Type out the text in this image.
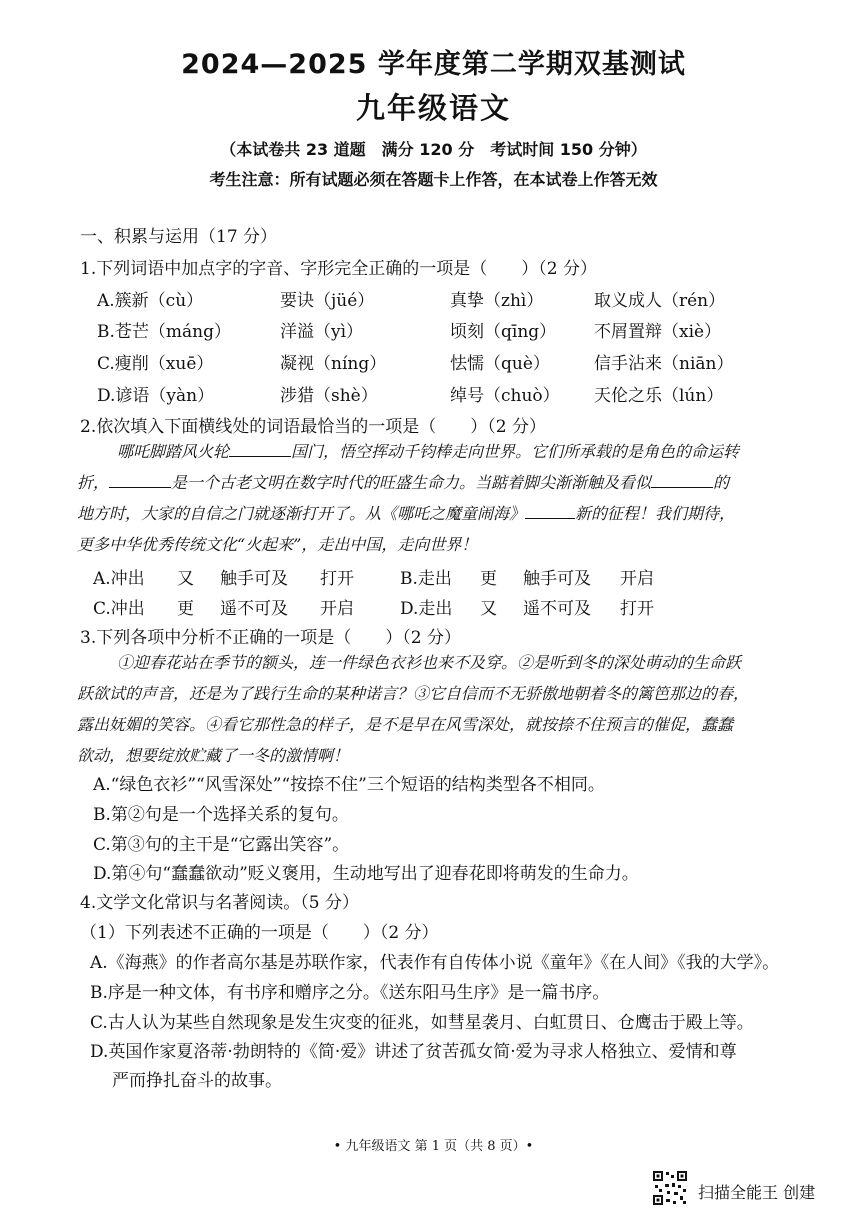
2024—2025 学年度第二学期双基测试
九年级语文
（本试卷共 23 道题　满分 120 分　考试时间 150 分钟）
考生注意：所有试题必须在答题卡上作答，在本试卷上作答无效
一、积累与运用（17 分）
1.下列词语中加点字的字音、字形完全正确的一项是（　　）（2 分）
A.簇新（cù）	要诀（jüé）	真挚（zhì）	取义成人（rén）
B.苍芒（máng）	洋溢（yì）	顷刻（qīng） 不屑置辩（xiè）
C.瘦削（xuē）	凝视（níng）	怯懦（què）	信手沾来（niān）
D.谚语（yàn）	涉猎（shè）	绰号（chuò） 天伦之乐（lún）
2.依次填入下面横线处的词语最恰当的一项是（　　）（2 分）

哪吒脚踏风火轮	国门，悟空挥动千钧棒走向世界。它们所承载的是角色的命运转

折，	是一个古老文明在数字时代的旺盛生命力。当踮着脚尖渐渐触及看似	的

地方时，大家的自信之门就逐渐打开了。从《哪吒之魔童闹海》	新的征程！我们期待，

更多中华优秀传统文化“火起来”，走出中国，走向世界！

A.冲出 又 触手可及 打开	B.走出 更 触手可及 开启
C.冲出 更 遥不可及 开启	D.走出 又 遥不可及 打开
3.下列各项中分析不正确的一项是（　　）（2 分）

①迎春花站在季节的额头，连一件绿色衣衫也来不及穿。②是听到冬的深处萌动的生命跃

跃欲试的声音，还是为了践行生命的某种诺言？③它自信而不无骄傲地朝着冬的篱笆那边的春，

露出妩媚的笑容。④看它那性急的样子，是不是早在风雪深处，就按捺不住预言的催促，蠢蠢

欲动，想要绽放贮藏了一冬的激情啊！

A.“绿色衣衫”“风雪深处”“按捺不住”三个短语的结构类型各不相同。
B.第②句是一个选择关系的复句。
C.第③句的主干是“它露出笑容”。
D.第④句“蠢蠢欲动”贬义褒用，生动地写出了迎春花即将萌发的生命力。
4.文学文化常识与名著阅读。（5 分）
（1）下列表述不正确的一项是（　　）（2 分）
A.《海燕》的作者高尔基是苏联作家，代表作有自传体小说《童年》《在人间》《我的大学》。
B.序是一种文体，有书序和赠序之分。《送东阳马生序》是一篇书序。
C.古人认为某些自然现象是发生灾变的征兆，如彗星袭月、白虹贯日、仓鹰击于殿上等。
D.英国作家夏洛蒂·勃朗特的《简·爱》讲述了贫苦孤女简·爱为寻求人格独立、爱情和尊
严而挣扎奋斗的故事。
• 九年级语文 第 1 页（共 8 页）•
扫描全能王 创建
